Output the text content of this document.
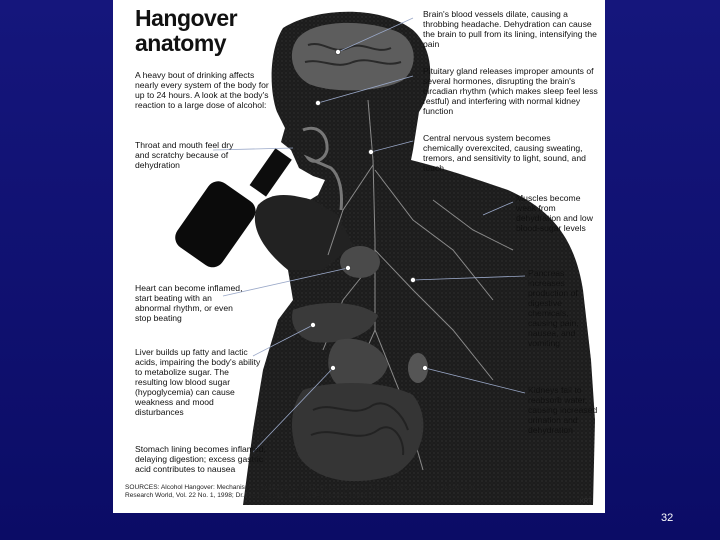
Hangover
anatomy
A heavy bout of drinking affects nearly every system of the body for up to 24 hours. A look at the body's reaction to a large dose of alcohol:
Throat and mouth feel dry and scratchy because of dehydration
Heart can become inflamed, start beating with an abnormal rhythm, or even stop beating
Liver builds up fatty and lactic acids, impairing the body's ability to metabolize sugar. The resulting low blood sugar (hypoglycemia) can cause weakness and mood disturbances
Stomach lining becomes inflamed, delaying digestion; excess gastric acid contributes to nausea
Brain's blood vessels dilate, causing a throbbing headache. Dehydration can cause the brain to pull from its lining, intensifying the pain
Pituitary gland releases improper amounts of several hormones, disrupting the brain's circadian rhythm (which makes sleep feel less restful) and interfering with normal kidney function
Central nervous system becomes chemically overexcited, causing sweating, tremors, and sensitivity to light, sound, and touch
Muscles become weak from dehydration and low blood-sugar levels
Pancreas increases production of digestive chemicals, causing pain, nausea, and vomiting
Kidneys fail to reabsorb water, causing increased urination and dehydration
SOURCES: Alcohol Hangover: Mechanisms and Mediators, by Dr. Robert Swift and Dena Davidson; Alcohol Health and Research World, Vol. 22 No. 1, 1998; Dr. Fred Freitag, National Headache Foundation
KRT
32
